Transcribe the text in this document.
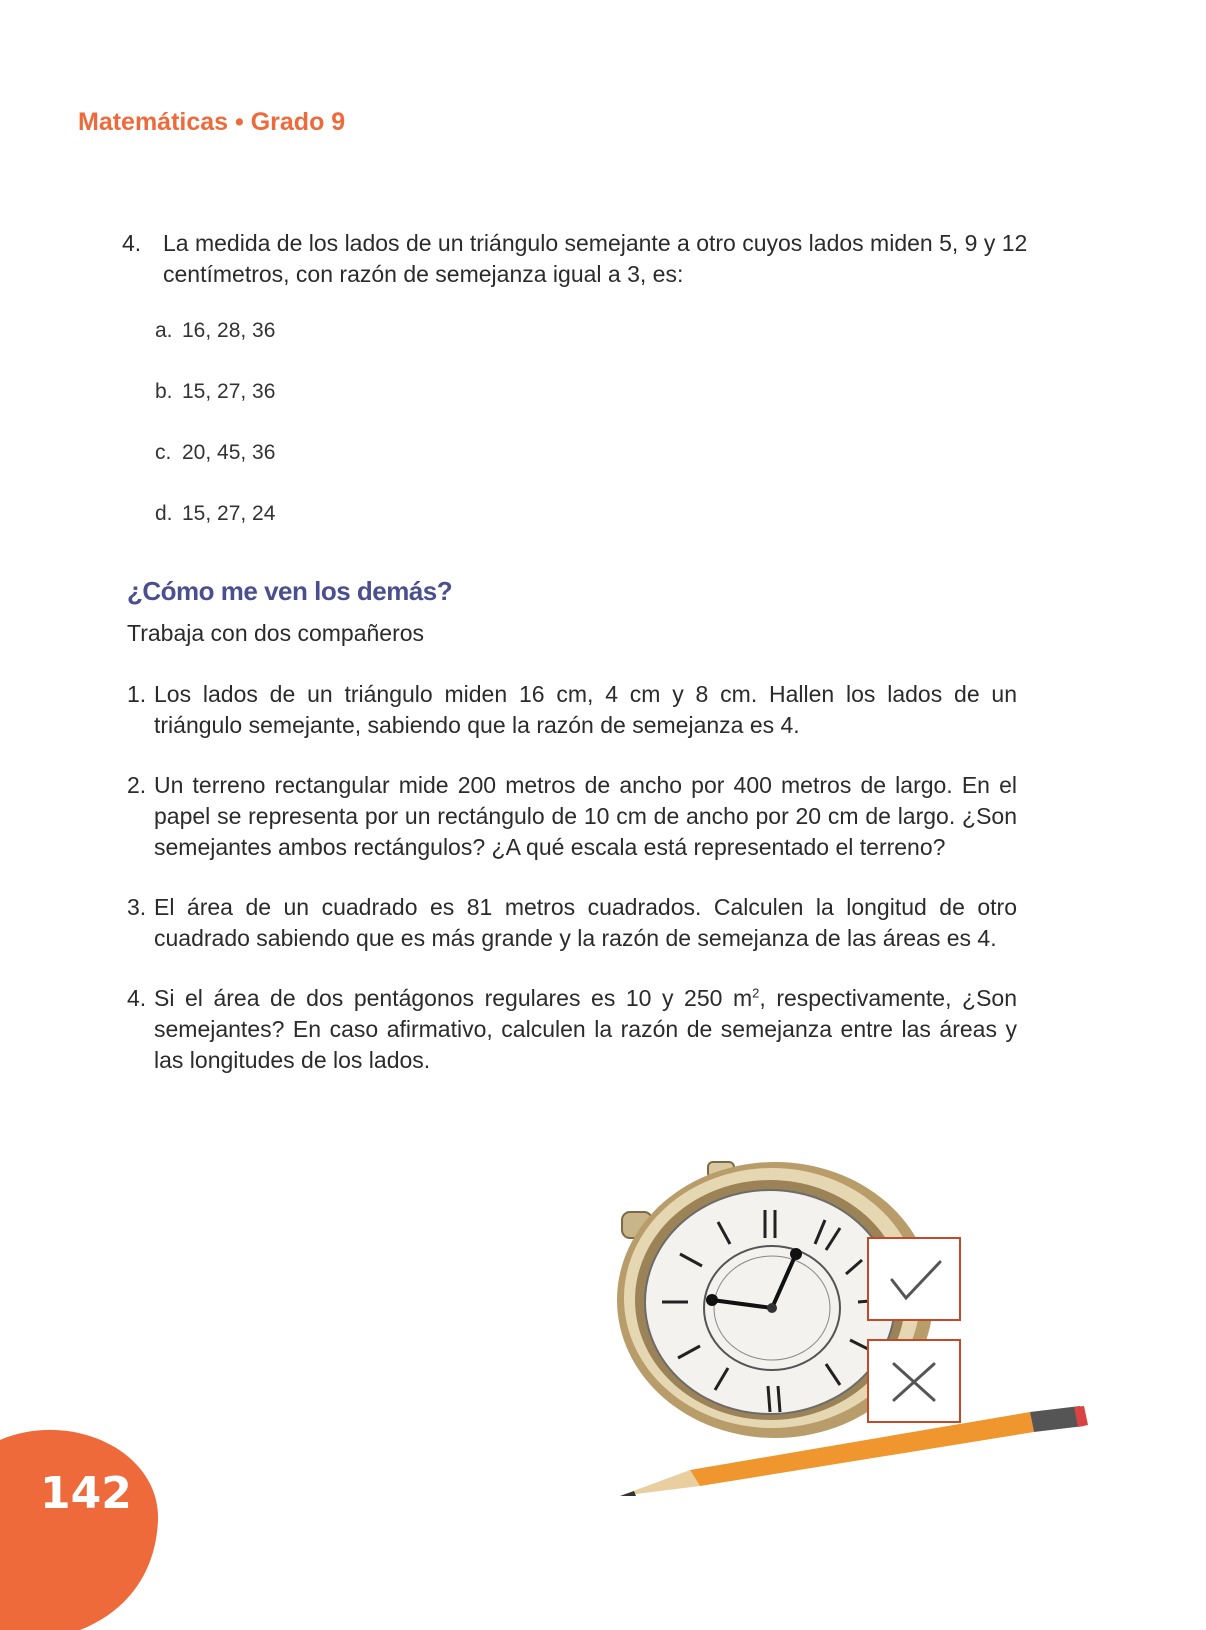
Matemáticas • Grado 9
4. La medida de los lados de un triángulo semejante a otro cuyos lados miden 5, 9 y 12 centímetros, con razón de semejanza igual a 3, es:
a. 16, 28, 36
b. 15, 27, 36
c. 20, 45, 36
d. 15, 27, 24
¿Cómo me ven los demás?
Trabaja con dos compañeros
1. Los lados de un triángulo miden 16 cm, 4 cm y 8 cm. Hallen los lados de un triángulo semejante, sabiendo que la razón de semejanza es 4.
2. Un terreno rectangular mide 200 metros de ancho por 400 metros de largo. En el papel se representa por un rectángulo de 10 cm de ancho por 20 cm de largo. ¿Son semejantes ambos rectángulos? ¿A qué escala está representado el terreno?
3. El área de un cuadrado es 81 metros cuadrados. Calculen la longitud de otro cuadrado sabiendo que es más grande y la razón de semejanza de las áreas es 4.
4. Si el área de dos pentágonos regulares es 10 y 250 $m^2$, respectivamente, ¿Son semejantes? En caso afirmativo, calculen la razón de semejanza entre las áreas y las longitudes de los lados.
142
